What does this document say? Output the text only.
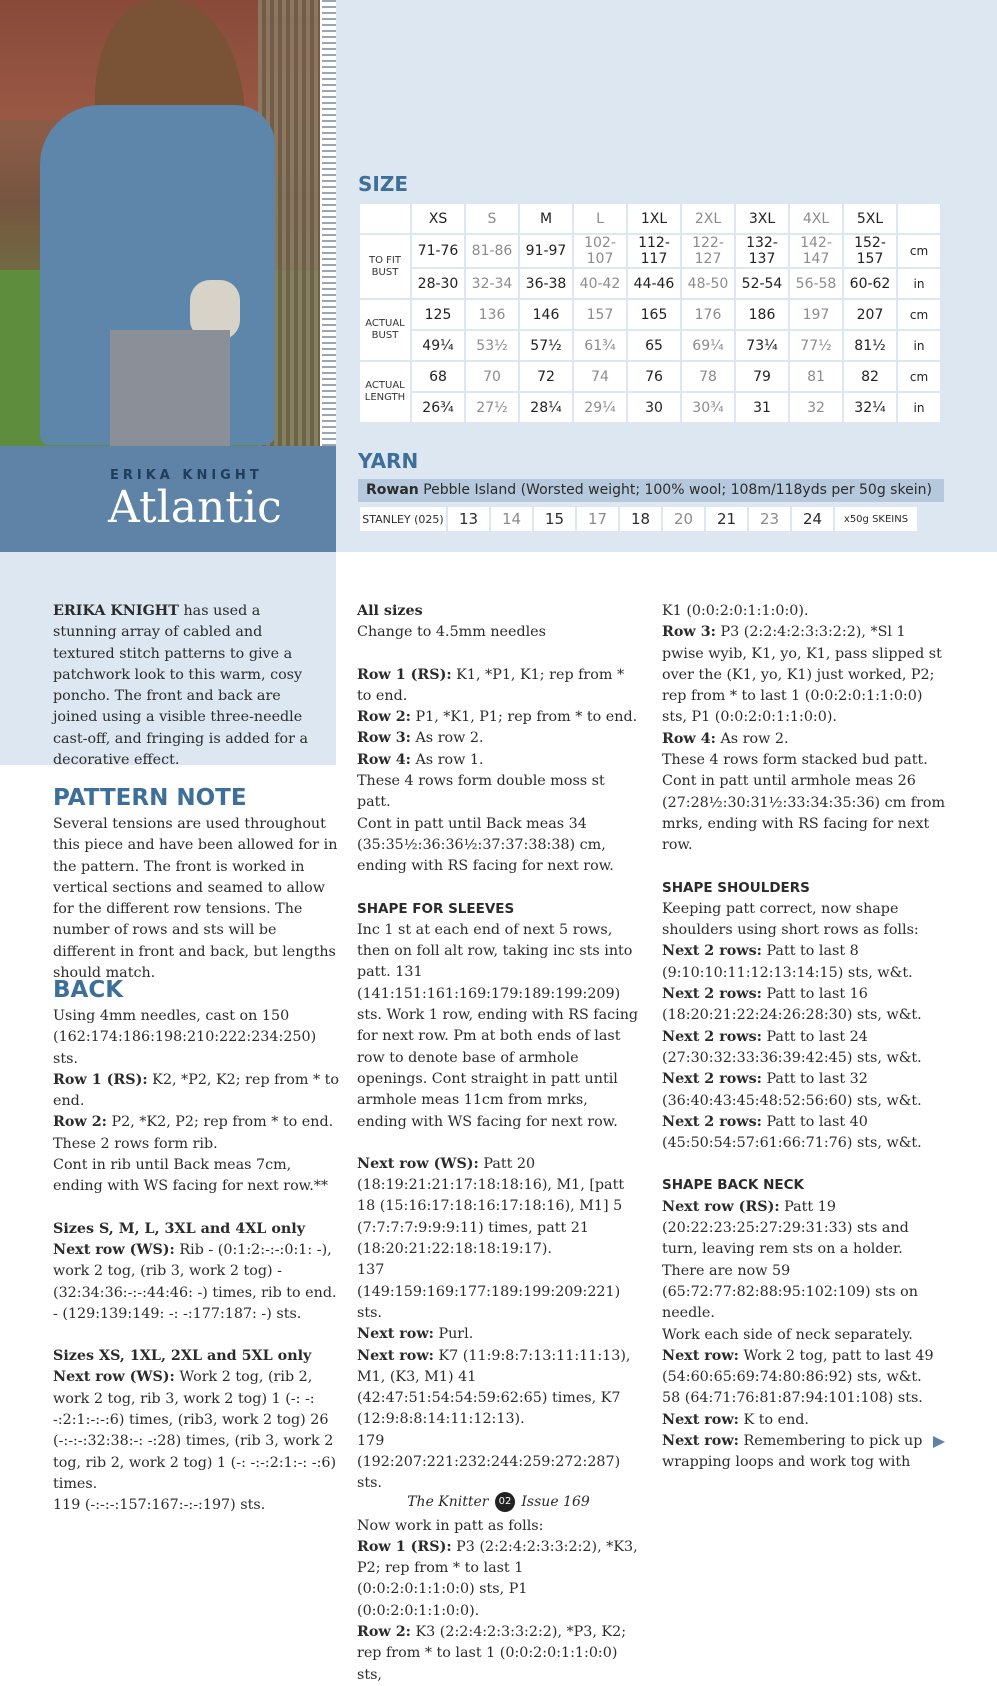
ERIKA KNIGHT
Atlantic
SIZE
	XS	S	M	L	1XL	2XL	3XL	4XL	5XL	
TO FIT BUST	71-76	81-86	91-97	102-107	112-117	122-127	132-137	142-147	152-157	cm
	28-30	32-34	36-38	40-42	44-46	48-50	52-54	56-58	60-62	in
ACTUAL BUST	125	136	146	157	165	176	186	197	207	cm
	49¼	53½	57½	61¾	65	69¼	73¼	77½	81½	in
ACTUAL LENGTH	68	70	72	74	76	78	79	81	82	cm
	26¾	27½	28¼	29¼	30	30¾	31	32	32¼	in
YARN
Rowan Pebble Island (Worsted weight; 100% wool; 108m/118yds per 50g skein)
STANLEY (025)	13	14	15	17	18	20	21	23	24	x50g SKEINS

ERIKA KNIGHT has used a stunning array of cabled and textured stitch patterns to give a patchwork look to this warm, cosy poncho. The front and back are joined using a visible three-needle cast-off, and fringing is added for a decorative effect.

PATTERN NOTE

Several tensions are used throughout this piece and have been allowed for in the pattern. The front is worked in vertical sections and seamed to allow for the different row tensions. The number of rows and sts will be different in front and back, but lengths should match.

BACK

Using 4mm needles, cast on 150 (162:174:186:198:210:222:234:250) sts.

Row 1 (RS): K2, *P2, K2; rep from * to end.

Row 2: P2, *K2, P2; rep from * to end.

These 2 rows form rib.

Cont in rib until Back meas 7cm, ending with WS facing for next row.**

Sizes S, M, L, 3XL and 4XL only

Next row (WS): Rib - (0:1:2:-:-:0:1: -), work 2 tog, (rib 3, work 2 tog) - (32:34:36:-:-:44:46: -) times, rib to end.

- (129:139:149: -: -:177:187: -) sts.

Sizes XS, 1XL, 2XL and 5XL only

Next row (WS): Work 2 tog, (rib 2, work 2 tog, rib 3, work 2 tog) 1 (-: -: -:2:1:-:-:6) times, (rib3, work 2 tog) 26 (-:-:-:32:38:-: -:28) times, (rib 3, work 2 tog, rib 2, work 2 tog) 1 (-: -:-:2:1:-: -:6) times.

119 (-:-:-:157:167:-:-:197) sts.

All sizes

Change to 4.5mm needles

Row 1 (RS): K1, *P1, K1; rep from * to end.

Row 2: P1, *K1, P1; rep from * to end.

Row 3: As row 2.

Row 4: As row 1.

These 4 rows form double moss st patt.

Cont in patt until Back meas 34 (35:35½:36:36½:37:37:38:38) cm, ending with RS facing for next row.

SHAPE FOR SLEEVES

Inc 1 st at each end of next 5 rows, then on foll alt row, taking inc sts into patt. 131 (141:151:161:169:179:189:199:209) sts. Work 1 row, ending with RS facing for next row. Pm at both ends of last row to denote base of armhole openings. Cont straight in patt until armhole meas 11cm from mrks, ending with WS facing for next row.

Next row (WS): Patt 20 (18:19:21:21:17:18:18:16), M1, [patt 18 (15:16:17:18:16:17:18:16), M1] 5 (7:7:7:7:9:9:9:11) times, patt 21 (18:20:21:22:18:18:19:17).

137 (149:159:169:177:189:199:209:221) sts.

Next row: Purl.

Next row: K7 (11:9:8:7:13:11:11:13), M1, (K3, M1) 41 (42:47:51:54:54:59:62:65) times, K7 (12:9:8:8:14:11:12:13).

179 (192:207:221:232:244:259:272:287) sts.

Now work in patt as folls:

Row 1 (RS): P3 (2:2:4:2:3:3:2:2), *K3, P2; rep from * to last 1 (0:0:2:0:1:1:0:0) sts, P1 (0:0:2:0:1:1:0:0).

Row 2: K3 (2:2:4:2:3:3:2:2), *P3, K2; rep from * to last 1 (0:0:2:0:1:1:0:0) sts,

K1 (0:0:2:0:1:1:0:0).

Row 3: P3 (2:2:4:2:3:3:2:2), *Sl 1 pwise wyib, K1, yo, K1, pass slipped st over the (K1, yo, K1) just worked, P2; rep from * to last 1 (0:0:2:0:1:1:0:0) sts, P1 (0:0:2:0:1:1:0:0).

Row 4: As row 2.

These 4 rows form stacked bud patt.

Cont in patt until armhole meas 26 (27:28½:30:31½:33:34:35:36) cm from mrks, ending with RS facing for next row.

SHAPE SHOULDERS

Keeping patt correct, now shape shoulders using short rows as folls:

Next 2 rows: Patt to last 8 (9:10:10:11:12:13:14:15) sts, w&t.

Next 2 rows: Patt to last 16 (18:20:21:22:24:26:28:30) sts, w&t.

Next 2 rows: Patt to last 24 (27:30:32:33:36:39:42:45) sts, w&t.

Next 2 rows: Patt to last 32 (36:40:43:45:48:52:56:60) sts, w&t.

Next 2 rows: Patt to last 40 (45:50:54:57:61:66:71:76) sts, w&t.

SHAPE BACK NECK

Next row (RS): Patt 19 (20:22:23:25:27:29:31:33) sts and turn, leaving rem sts on a holder.

There are now 59 (65:72:77:82:88:95:102:109) sts on needle.

Work each side of neck separately.

Next row: Work 2 tog, patt to last 49 (54:60:65:69:74:80:86:92) sts, w&t.

58 (64:71:76:81:87:94:101:108) sts.

Next row: K to end.

Next row: Remembering to pick up wrapping loops and work tog with

The Knitter 02 Issue 169
